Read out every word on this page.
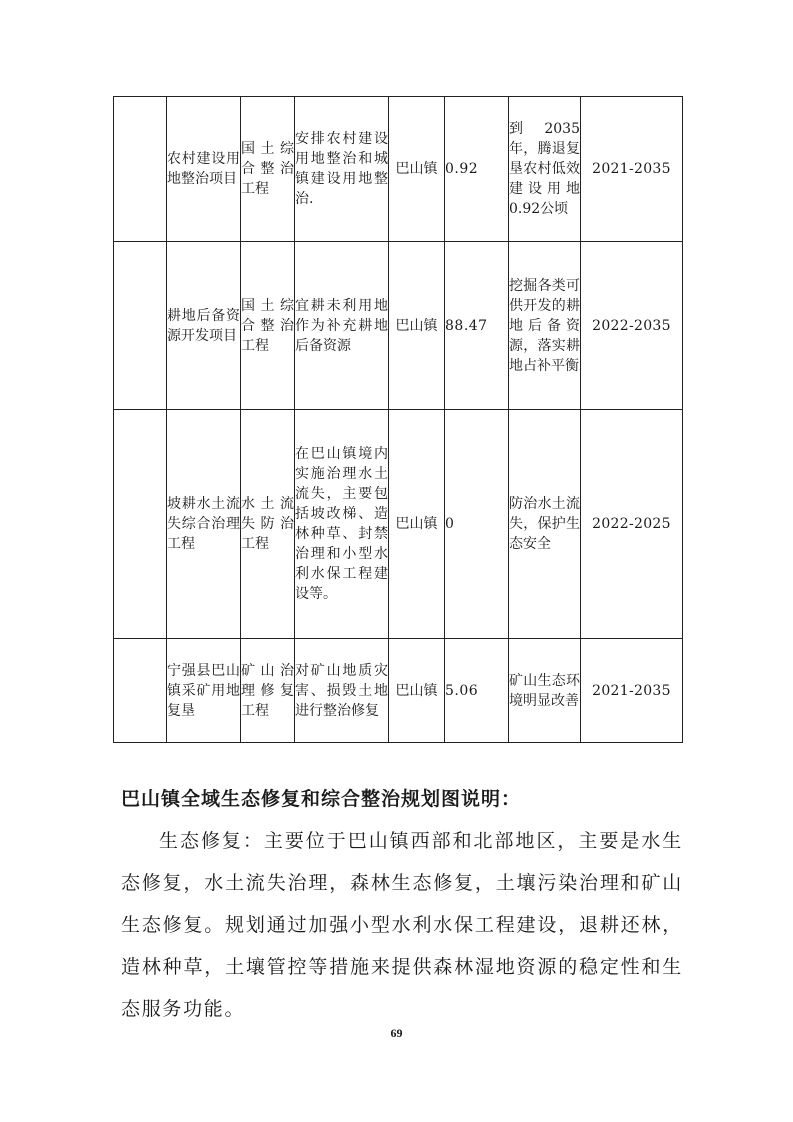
	农村建设用地整治项目	国土综合整治工程	安排农村建设用地整治和城镇建设用地整治.	巴山镇	0.92	到 2035年，腾退复垦农村低效建设用地 0.92公顷	2021-2035
	耕地后备资源开发项目	国土综合整治工程	宜耕未利用地作为补充耕地后备资源	巴山镇	88.47	挖掘各类可供开发的耕地后备资源，落实耕地占补平衡	2022-2035
	坡耕水土流失综合治理工程	水土流失防治工程	在巴山镇境内实施治理水土流失，主要包括坡改梯、造林种草、封禁治理和小型水利水保工程建设等。	巴山镇	0	防治水土流失，保护生态安全	2022-2025
	宁强县巴山镇采矿用地复垦	矿山治理修复工程	对矿山地质灾害、损毁土地进行整治修复	巴山镇	5.06	矿山生态环境明显改善	2021-2035
巴山镇全域生态修复和综合整治规划图说明：
生态修复：主要位于巴山镇西部和北部地区，主要是水生态修复，水土流失治理，森林生态修复，土壤污染治理和矿山生态修复。规划通过加强小型水利水保工程建设，退耕还林，造林种草，土壤管控等措施来提供森林湿地资源的稳定性和生态服务功能。
69
